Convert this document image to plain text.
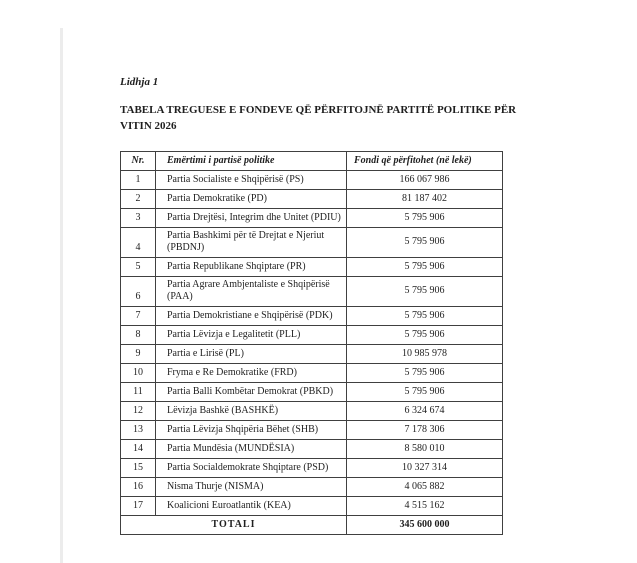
Lidhja 1

TABELA TREGUESE E FONDEVE QË PËRFITOJNË PARTITË POLITIKE PËR VITIN 2026

Nr.	Emërtimi i partisë politike	Fondi që përfitohet (në lekë)
1	Partia Socialiste e Shqipërisë (PS)	166 067 986
2	Partia Demokratike (PD)	81 187 402
3	Partia Drejtësi, Integrim dhe Unitet (PDIU)	5 795 906
4	Partia Bashkimi për të Drejtat e Njeriut (PBDNJ)	5 795 906
5	Partia Republikane Shqiptare (PR)	5 795 906
6	Partia Agrare Ambjentaliste e Shqipërisë (PAA)	5 795 906
7	Partia Demokristiane e Shqipërisë (PDK)	5 795 906
8	Partia Lëvizja e Legalitetit (PLL)	5 795 906
9	Partia e Lirisë (PL)	10 985 978
10	Fryma e Re Demokratike (FRD)	5 795 906
11	Partia Balli Kombëtar Demokrat (PBKD)	5 795 906
12	Lëvizja Bashkë (BASHKË)	6 324 674
13	Partia Lëvizja Shqipëria Bëhet (SHB)	7 178 306
14	Partia Mundësia (MUNDËSIA)	8 580 010
15	Partia Socialdemokrate Shqiptare (PSD)	10 327 314
16	Nisma Thurje (NISMA)	4 065 882
17	Koalicioni Euroatlantik (KEA)	4 515 162
TOTALI		345 600 000
